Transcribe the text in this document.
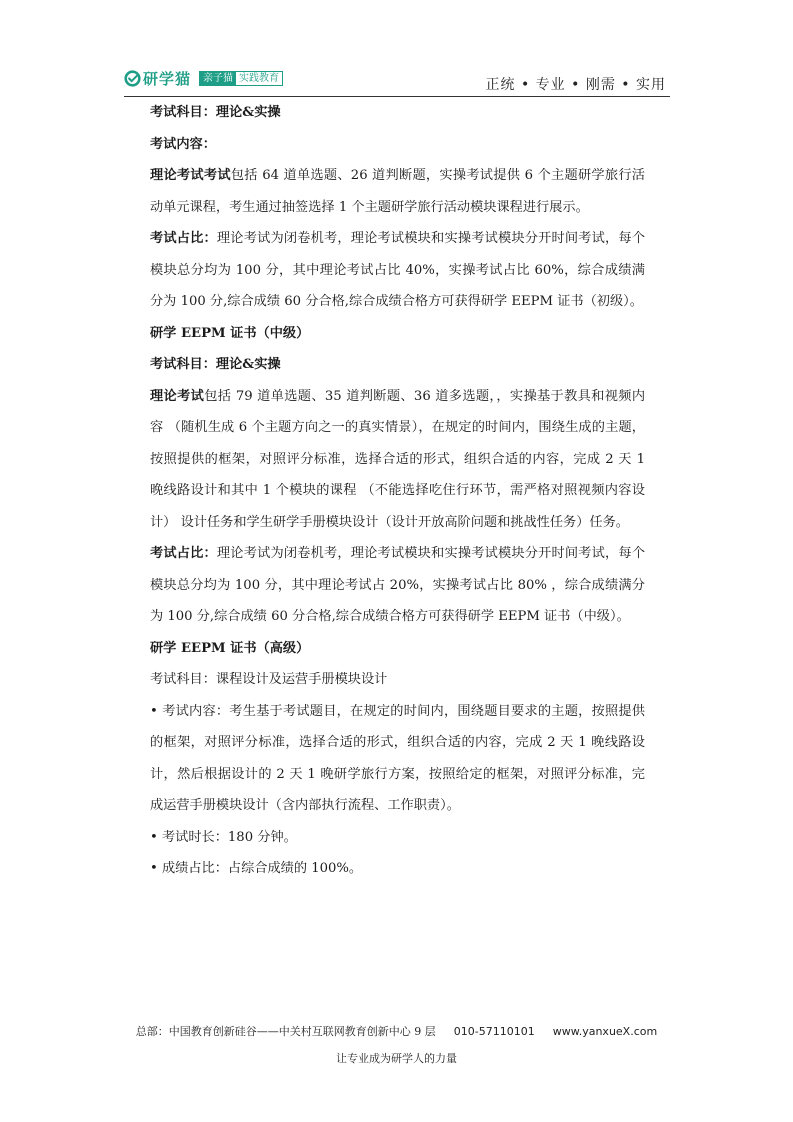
研学猫	亲子猫 实践教育	正统 • 专业 • 刚需 • 实用

考试科目：理论&实操

考试内容：

理论考试考试包括 64 道单选题、26 道判断题，实操考试提供 6 个主题研学旅行活动单元课程，考生通过抽签选择 1 个主题研学旅行活动模块课程进行展示。

考试占比：理论考试为闭卷机考，理论考试模块和实操考试模块分开时间考试，每个模块总分均为 100 分，其中理论考试占比 40%，实操考试占比 60%，综合成绩满分为 100 分,综合成绩 60 分合格,综合成绩合格方可获得研学 EEPM 证书（初级）。

研学 EEPM 证书（中级）

考试科目：理论&实操

理论考试包括 79 道单选题、35 道判断题、36 道多选题，，实操基于教具和视频内容 （随机生成 6 个主题方向之一的真实情景），在规定的时间内，围绕生成的主题，按照提供的框架，对照评分标准，选择合适的形式，组织合适的内容，完成 2 天 1 晚线路设计和其中 1 个模块的课程 （不能选择吃住行环节，需严格对照视频内容设计） 设计任务和学生研学手册模块设计（设计开放高阶问题和挑战性任务）任务。

考试占比：理论考试为闭卷机考，理论考试模块和实操考试模块分开时间考试，每个模块总分均为 100 分，其中理论考试占 20%，实操考试占比 80% ，综合成绩满分为 100 分,综合成绩 60 分合格,综合成绩合格方可获得研学 EEPM 证书（中级）。

研学 EEPM 证书（高级）

考试科目：课程设计及运营手册模块设计

• 考试内容：考生基于考试题目，在规定的时间内，围绕题目要求的主题，按照提供的框架，对照评分标准，选择合适的形式，组织合适的内容，完成 2 天 1 晚线路设计，然后根据设计的 2 天 1 晚研学旅行方案，按照给定的框架，对照评分标准，完成运营手册模块设计（含内部执行流程、工作职责）。

• 考试时长：180 分钟。

• 成绩占比：占综合成绩的 100%。

总部：中国教育创新硅谷——中关村互联网教育创新中心 9 层 010-57110101 www.yanxueX.com
让专业成为研学人的力量
